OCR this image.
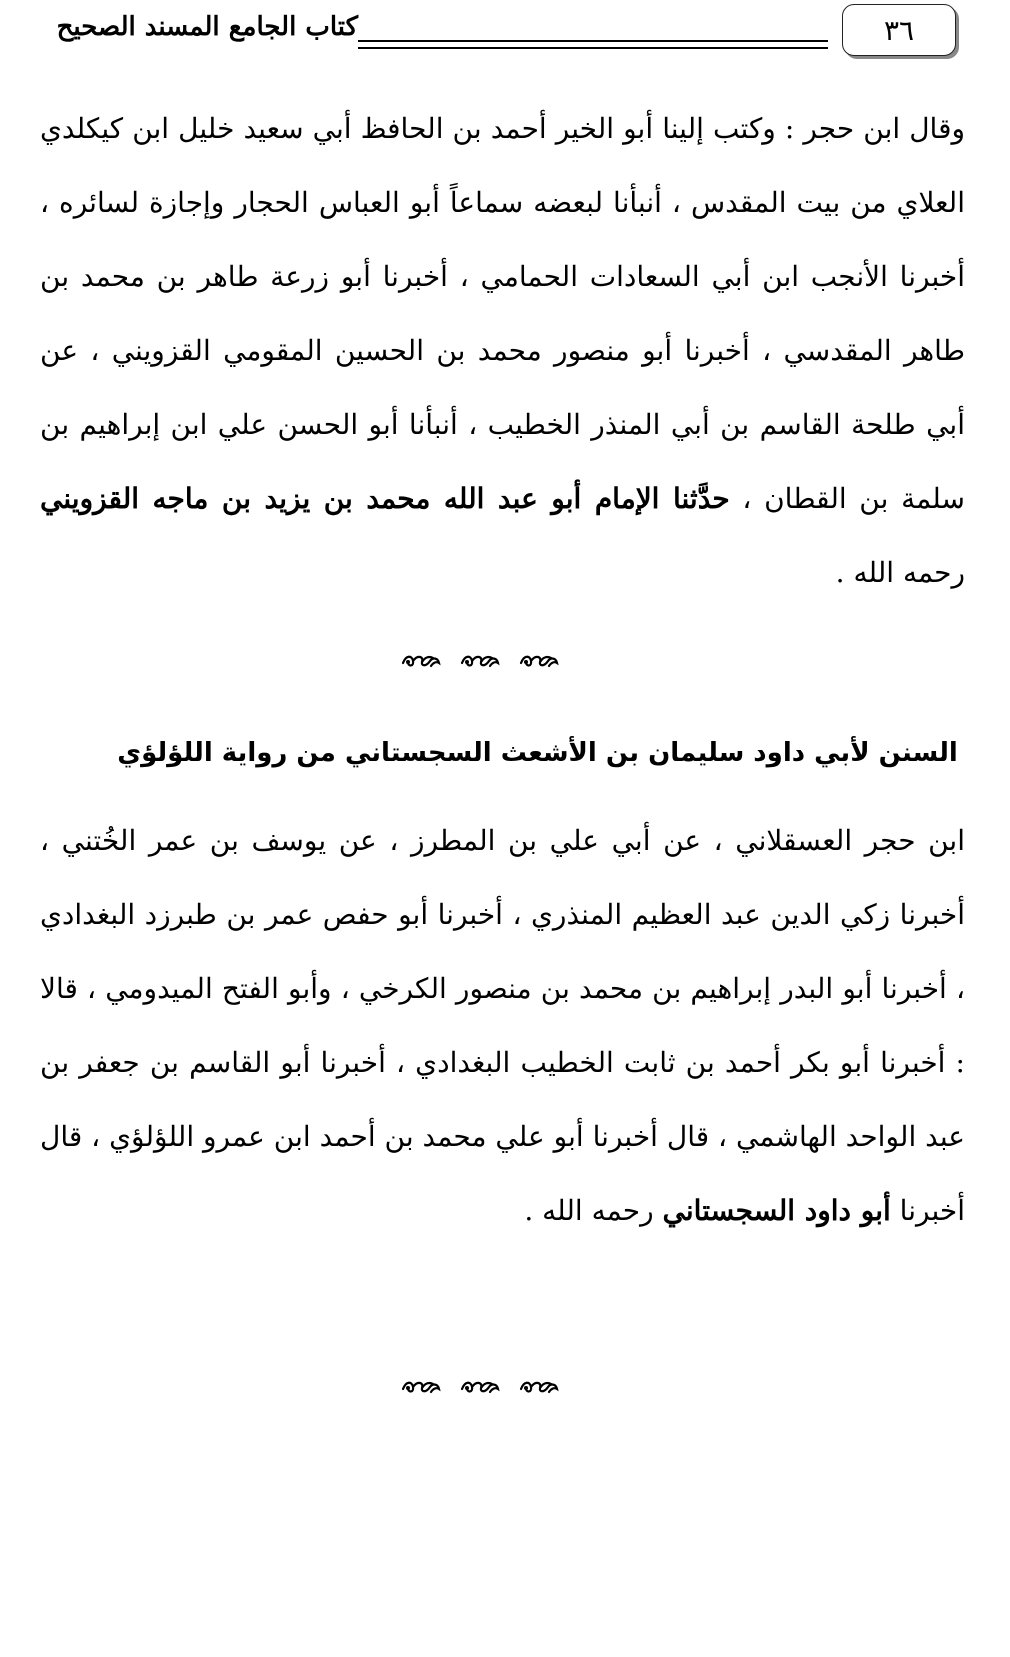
٣٦
كتاب الجامع المسند الصحيح

وقال ابن حجر : وكتب إلينا أبو الخير أحمد بن الحافظ أبي سعيد خليل ابن كيكلدي العلاي من بيت المقدس ، أنبأنا لبعضه سماعاً أبو العباس الحجار وإجازة لسائره ، أخبرنا الأنجب ابن أبي السعادات الحمامي ، أخبرنا أبو زرعة طاهر بن محمد بن طاهر المقدسي ، أخبرنا أبو منصور محمد بن الحسين المقومي القزويني ، عن أبي طلحة القاسم بن أبي المنذر الخطيب ، أنبأنا أبو الحسن علي ابن إبراهيم بن سلمة بن القطان ، حدَّثنا الإمام أبو عبد الله محمد بن يزيد بن ماجه القزويني رحمه الله .

السنن لأبي داود سليمان بن الأشعث السجستاني من رواية اللؤلؤي

ابن حجر العسقلاني ، عن أبي علي بن المطرز ، عن يوسف بن عمر الخُتني ، أخبرنا زكي الدين عبد العظيم المنذري ، أخبرنا أبو حفص عمر بن طبرزد البغدادي ، أخبرنا أبو البدر إبراهيم بن محمد بن منصور الكرخي ، وأبو الفتح الميدومي ، قالا : أخبرنا أبو بكر أحمد بن ثابت الخطيب البغدادي ، أخبرنا أبو القاسم بن جعفر بن عبد الواحد الهاشمي ، قال أخبرنا أبو علي محمد بن أحمد ابن عمرو اللؤلؤي ، قال أخبرنا أبو داود السجستاني رحمه الله .
